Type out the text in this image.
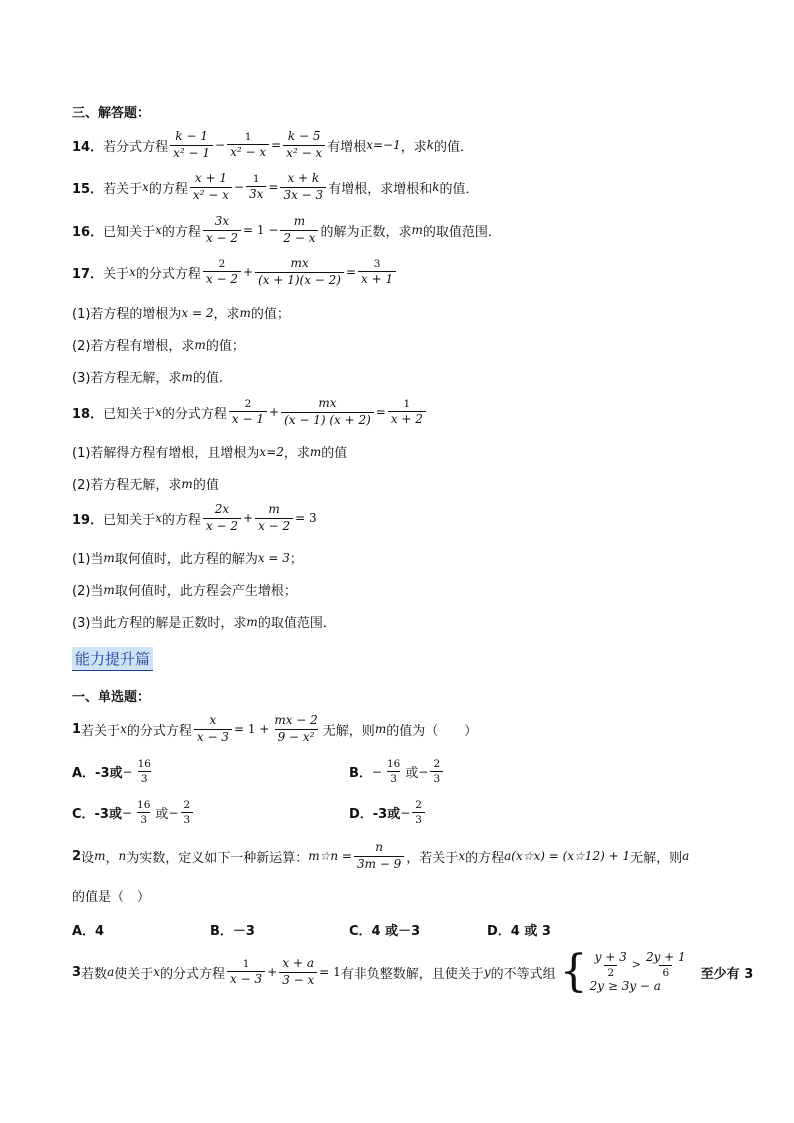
三、解答题：
14． 若分式方程 $\frac{k - 1}{\text{x² − 1}} - \frac{1}{\text{x² − x}} = \frac{k - 5}{\text{x² − x}}$ 有增根 x=−1 ，求 k 的值．
15． 若关于 x 的方程 $\frac{x + 1}{\text{x² − x}} - \frac{1}{3x} = \frac{x + k}{3x - 3}$ 有增根，求增根和 k 的值．
16． 已知关于 x 的方程 $\frac{3x}{x - 2} = 1 - \frac{m}{2 - x}$ 的解为正数，求 m 的取值范围．
17． 关于 x 的分式方程 $\frac{2}{x - 2} + \frac{mx}{(x + 1)(x - 2)} = \frac{3}{x + 1}$
(1)若方程的增根为 x = 2 ，求 m 的值；
(2)若方程有增根，求 m 的值；
(3)若方程无解，求 m 的值.
18． 已知关于 x 的分式方程 $\frac{2}{x - 1} + \frac{mx}{(x - 1) (x + 2)} = \frac{1}{x + 2}$
(1)若解得方程有增根，且增根为 x=2 ，求 m 的值
(2)若方程无解，求 m 的值
19． 已知关于 x 的方程 $\frac{2x}{x - 2} + \frac{m}{x - 2} = 3$
(1)当 m 取何值时，此方程的解为 x = 3 ；
(2)当 m 取何值时，此方程会产生增根；
(3)当此方程的解是正数时，求 m 的取值范围．
能力提升篇
一、单选题：
1 若关于 x 的分式方程 $\frac{x}{x - 3} = 1 + \frac{mx - 2}{\text{9 − x²}}$ 无解，则 m 的值为（　　）
A．-3或 − $\frac{16}{3}$	B． − $\frac{16}{3}$ 或 − $\frac{2}{3}$
C．-3或 − $\frac{16}{3}$ 或 − $\frac{2}{3}$	D．-3或 − $\frac{2}{3}$
2 设 m ， n 为实数，定义如下一种新运算： m☆n = $\frac{n}{3m - 9}$ ，若关于 x 的方程 a(x☆x) = (x☆12) + 1 无解，则 a
的值是（　）
A．4	B．－3	C．4 或－3	D．4 或 3
3 若数 a 使关于 x 的分式方程 $\frac{1}{x - 3} + \frac{x + a}{3 - x} = 1$ 有非负整数解，且使关于 y 的不等式组 { $\frac{y + 3}{2} > \frac{2y + 1}{6}$
2y ≥ 3y − a
至少有 3
